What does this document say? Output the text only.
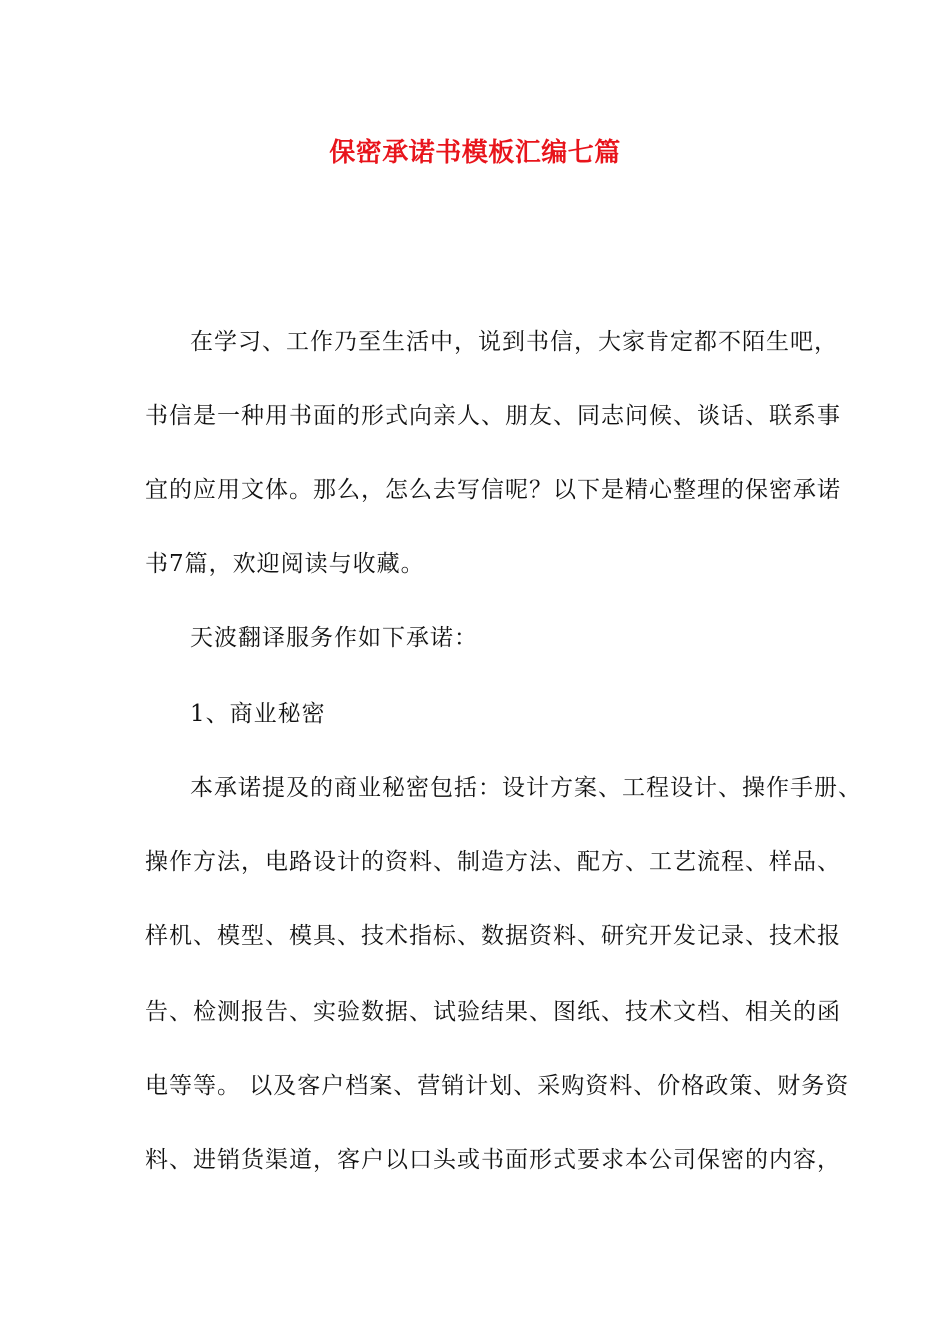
保密承诺书模板汇编七篇
在学习、工作乃至生活中，说到书信，大家肯定都不陌生吧，
书信是一种用书面的形式向亲人、朋友、同志问候、谈话、联系事
宜的应用文体。那么，怎么去写信呢？以下是精心整理的保密承诺
书7篇，欢迎阅读与收藏。
天波翻译服务作如下承诺：
1、商业秘密
本承诺提及的商业秘密包括：设计方案、工程设计、操作手册、
操作方法，电路设计的资料、制造方法、配方、工艺流程、样品、
样机、模型、模具、技术指标、数据资料、研究开发记录、技术报
告、检测报告、实验数据、试验结果、图纸、技术文档、相关的函
电等等。 以及客户档案、营销计划、采购资料、价格政策、财务资
料、进销货渠道，客户以口头或书面形式要求本公司保密的内容，
